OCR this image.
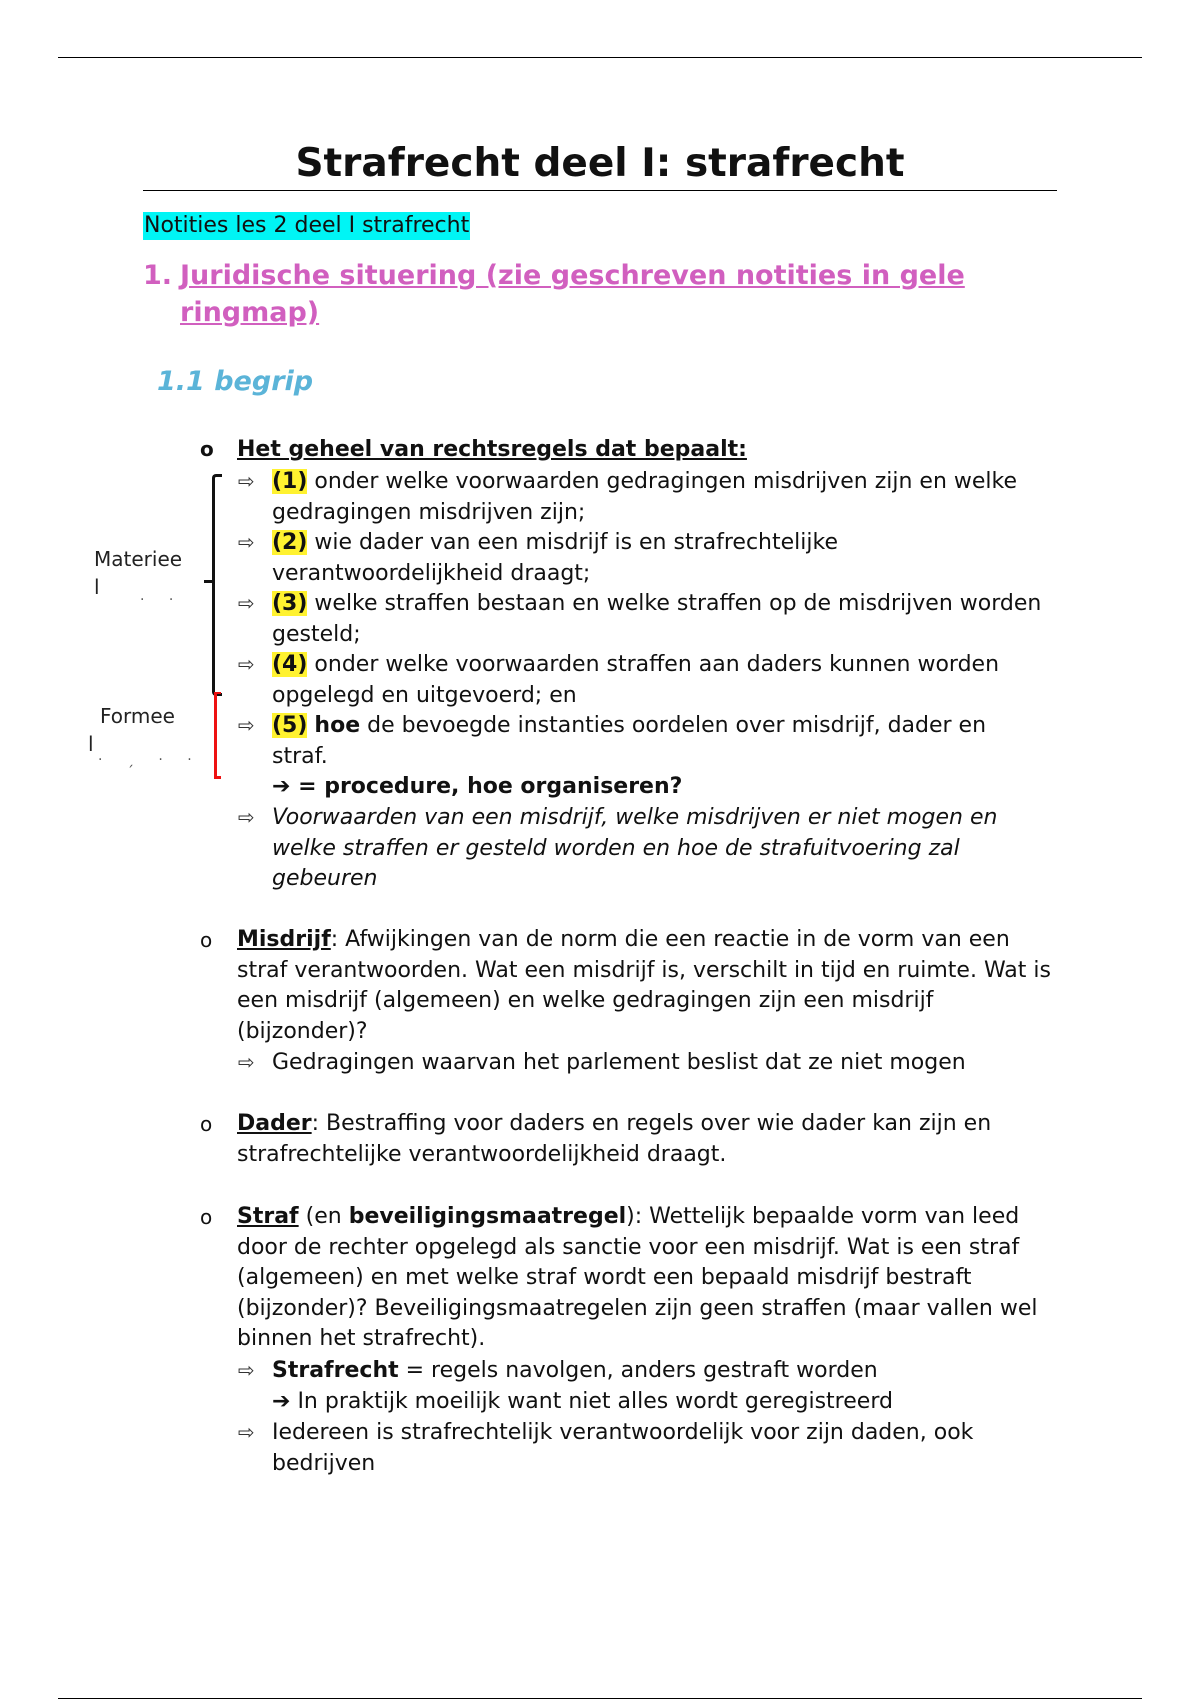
Strafrecht deel I: strafrecht
Notities les 2 deel I strafrecht
1. Juridische situering (zie geschreven notities in gele ringmap)
1.1 begrip
Materiee
l
· ·
Formee
l
· ˏ · ·
o Het geheel van rechtsregels dat bepaalt:
⇨ (1) onder welke voorwaarden gedragingen misdrijven zijn en welke gedragingen misdrijven zijn;
⇨ (2) wie dader van een misdrijf is en strafrechtelijke verantwoordelijkheid draagt;
⇨ (3) welke straffen bestaan en welke straffen op de misdrijven worden gesteld;
⇨ (4) onder welke voorwaarden straffen aan daders kunnen worden opgelegd en uitgevoerd; en
⇨ (5) hoe de bevoegde instanties oordelen over misdrijf, dader en straf.
➔ = procedure, hoe organiseren?
⇨ Voorwaarden van een misdrijf, welke misdrijven er niet mogen en welke straffen er gesteld worden en hoe de strafuitvoering zal gebeuren
o Misdrijf: Afwijkingen van de norm die een reactie in de vorm van een straf verantwoorden. Wat een misdrijf is, verschilt in tijd en ruimte. Wat is een misdrijf (algemeen) en welke gedragingen zijn een misdrijf (bijzonder)?
⇨ Gedragingen waarvan het parlement beslist dat ze niet mogen
o Dader: Bestraffing voor daders en regels over wie dader kan zijn en strafrechtelijke verantwoordelijkheid draagt.
o Straf (en beveiligingsmaatregel): Wettelijk bepaalde vorm van leed door de rechter opgelegd als sanctie voor een misdrijf. Wat is een straf (algemeen) en met welke straf wordt een bepaald misdrijf bestraft (bijzonder)? Beveiligingsmaatregelen zijn geen straffen (maar vallen wel binnen het strafrecht).
⇨ Strafrecht = regels navolgen, anders gestraft worden
➔ In praktijk moeilijk want niet alles wordt geregistreerd
⇨ Iedereen is strafrechtelijk verantwoordelijk voor zijn daden, ook bedrijven
